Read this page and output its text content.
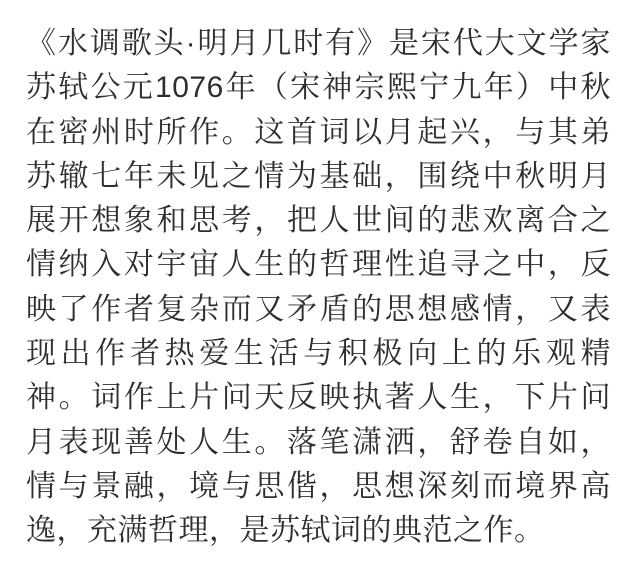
《水调歌头·明月几时有》是宋代大文学家
苏轼公元1076年（宋神宗熙宁九年）中秋
在密州时所作。这首词以月起兴，与其弟
苏辙七年未见之情为基础，围绕中秋明月
展开想象和思考，把人世间的悲欢离合之
情纳入对宇宙人生的哲理性追寻之中，反
映了作者复杂而又矛盾的思想感情，又表
现出作者热爱生活与积极向上的乐观精
神。词作上片问天反映执著人生，下片问
月表现善处人生。落笔潇洒，舒卷自如，
情与景融，境与思偕，思想深刻而境界高
逸，充满哲理，是苏轼词的典范之作。
